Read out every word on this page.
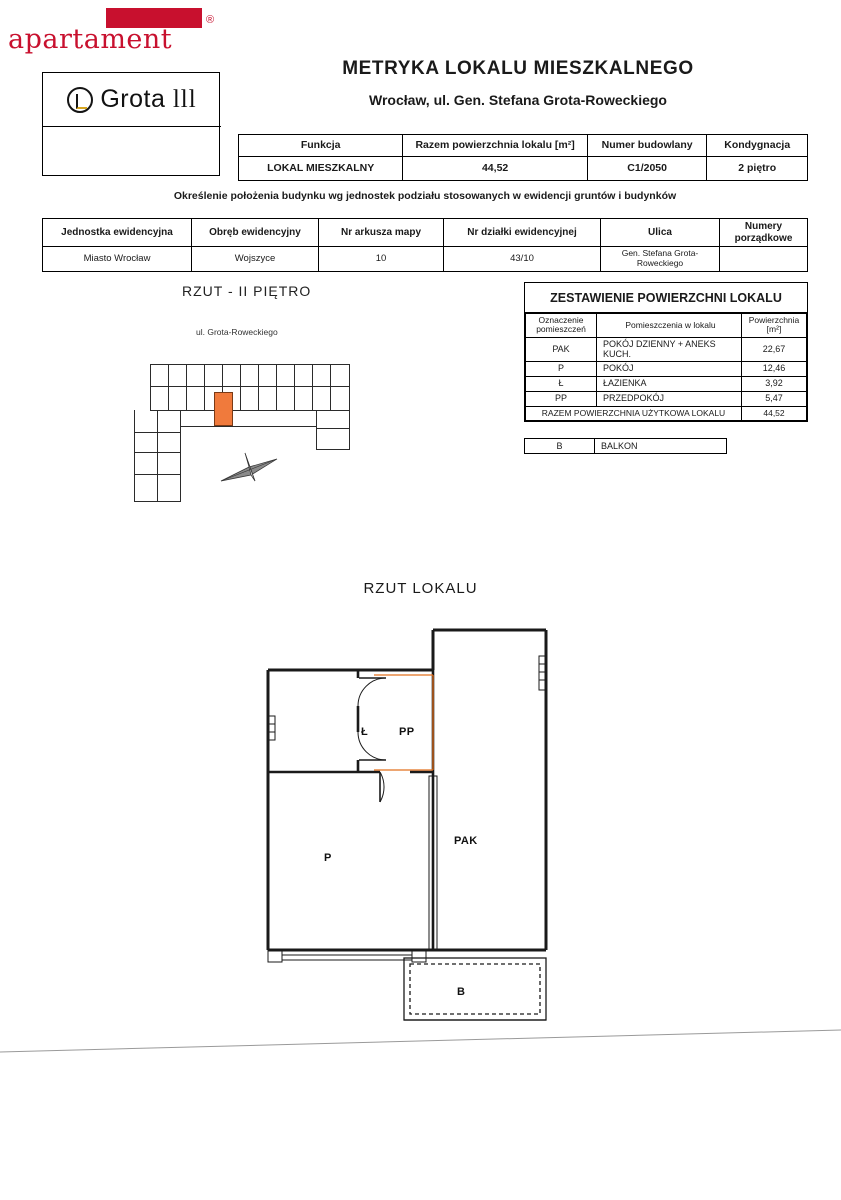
apartament
®
Grota lll
METRYKA LOKALU MIESZKALNEGO
Wrocław, ul. Gen. Stefana Grota-Roweckiego
Funkcja	Razem powierzchnia lokalu [m²]	Numer budowlany	Kondygnacja
LOKAL MIESZKALNY	44,52	C1/2050	2 piętro
Określenie położenia budynku wg jednostek podziału stosowanych w ewidencji gruntów i budynków
Jednostka ewidencyjna	Obręb ewidencyjny	Nr arkusza mapy	Nr działki ewidencyjnej	Ulica	Numery porządkowe
Miasto Wrocław	Wojszyce	10	43/10	Gen. Stefana Grota-Roweckiego	
RZUT - II PIĘTRO
ul. Grota-Roweckiego
ZESTAWIENIE POWIERZCHNI LOKALU
Oznaczenie
pomieszczeń	Pomieszczenia w lokalu	Powierzchnia
[m²]
PAK	POKÓJ DZIENNY + ANEKS KUCH.	22,67
P	POKÓJ	12,46
Ł	ŁAZIENKA	3,92
PP	PRZEDPOKÓJ	5,47
RAZEM POWIERZCHNIA UŻYTKOWA LOKALU		44,52
B	BALKON
RZUT LOKALU
Ł	PP
P
PAK
B
